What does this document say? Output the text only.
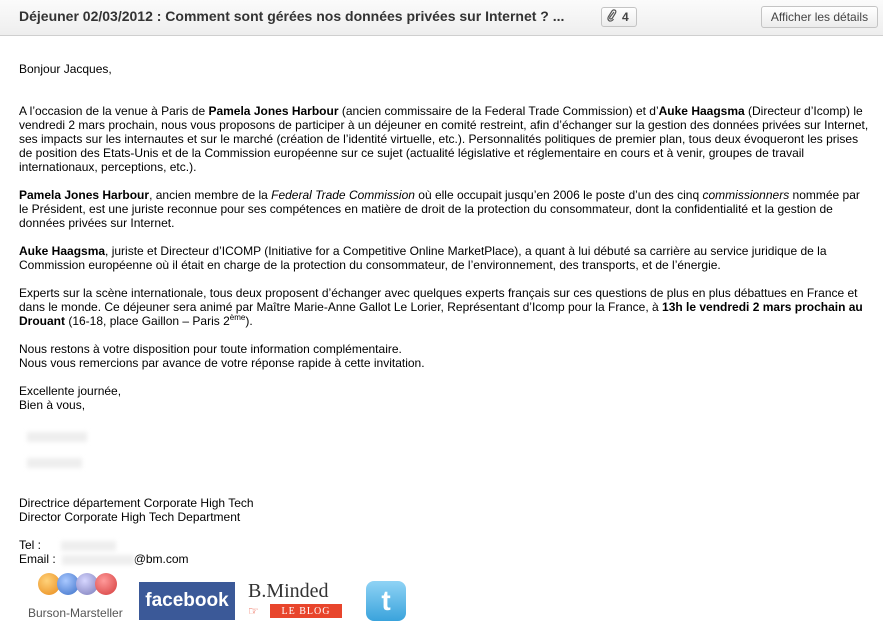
Déjeuner 02/03/2012 : Comment sont gérées nos données privées sur Internet ? ...	4	Afficher les détails

Bonjour Jacques,

A l’occasion de la venue à Paris de Pamela Jones Harbour (ancien commissaire de la Federal Trade Commission) et d’Auke Haagsma (Directeur d’Icomp) le vendredi 2 mars prochain, nous vous proposons de participer à un déjeuner en comité restreint, afin d’échanger sur la gestion des données privées sur Internet, ses impacts sur les internautes et sur le marché (création de l’identité virtuelle, etc.). Personnalités politiques de premier plan, tous deux évoqueront les prises de position des Etats-Unis et de la Commission européenne sur ce sujet (actualité législative et réglementaire en cours et à venir, groupes de travail internationaux, perceptions, etc.).

Pamela Jones Harbour, ancien membre de la Federal Trade Commission où elle occupait jusqu’en 2006 le poste d’un des cinq commissionners nommée par le Président, est une juriste reconnue pour ses compétences en matière de droit de la protection du consommateur, dont la confidentialité et la gestion de données privées sur Internet.

Auke Haagsma, juriste et Directeur d’ICOMP (Initiative for a Competitive Online MarketPlace), a quant à lui débuté sa carrière au service juridique de la Commission européenne où il était en charge de la protection du consommateur, de l’environnement, des transports, et de l’énergie.

Experts sur la scène internationale, tous deux proposent d’échanger avec quelques experts français sur ces questions de plus en plus débattues en France et dans le monde. Ce déjeuner sera animé par Maître Marie-Anne Gallot Le Lorier, Représentant d’Icomp pour la France, à 13h le vendredi 2 mars prochain au Drouant (16-18, place Gaillon – Paris 2ème).

Nous restons à votre disposition pour toute information complémentaire.
Nous vous remercions par avance de votre réponse rapide à cette invitation.

Excellente journée,
Bien à vous,

Directrice département Corporate High Tech
Director Corporate High Tech Department
Tel :
Email :	@bm.com
Burson-Marsteller
facebook B.Minded
LE BLOG
☞	t
